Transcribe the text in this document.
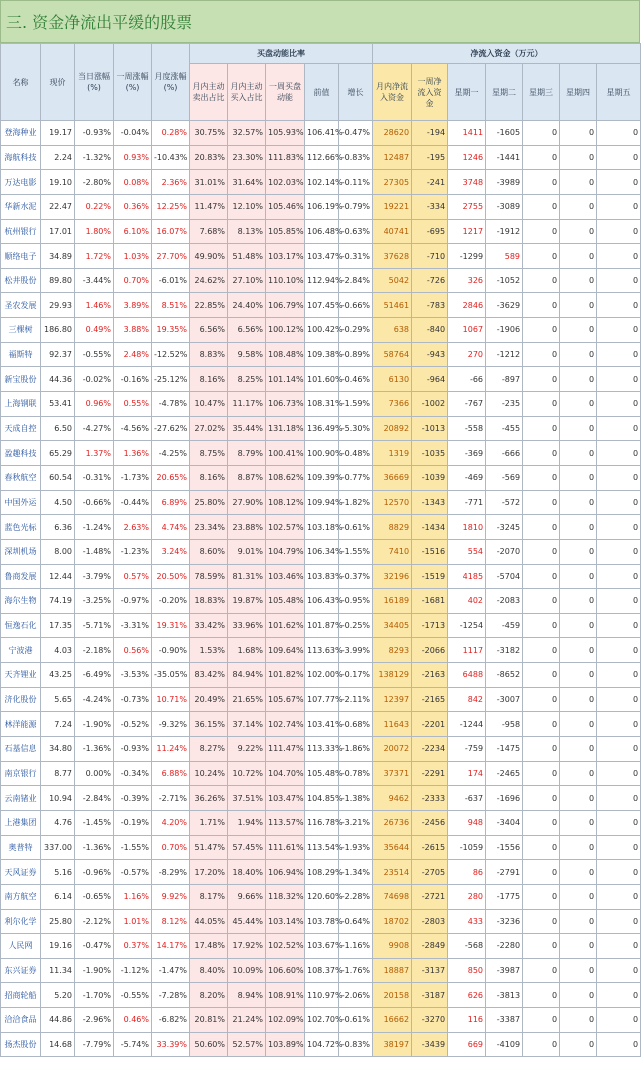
三. 资金净流出平缓的股票
名称	现价	当日涨幅(%)	一周涨幅(%)	月度涨幅(%)	买盘动能比率					净流入资金（万元）						
					月内主动卖出占比	月内主动买入占比	一周买盘动能	前值	增长	月内净流入资金	一周净流入资金	星期一	星期二	星期三	星期四	星期五
登海种业	19.17	-0.93%	-0.04%	0.28%	30.75%	32.57%	105.93%	106.41%	-0.47%	28620	-194	1411	-1605	0	0	0
海航科技	2.24	-1.32%	0.93%	-10.43%	20.83%	23.30%	111.83%	112.66%	-0.83%	12487	-195	1246	-1441	0	0	0
万达电影	19.10	-2.80%	0.08%	2.36%	31.01%	31.64%	102.03%	102.14%	-0.11%	27305	-241	3748	-3989	0	0	0
华新水泥	22.47	0.22%	0.36%	12.25%	11.47%	12.10%	105.46%	106.19%	-0.79%	19221	-334	2755	-3089	0	0	0
杭州银行	17.01	1.80%	6.10%	16.07%	7.68%	8.13%	105.85%	106.48%	-0.63%	40741	-695	1217	-1912	0	0	0
顺络电子	34.89	1.72%	1.03%	27.70%	49.90%	51.48%	103.17%	103.47%	-0.31%	37628	-710	-1299	589	0	0	0
松井股份	89.80	-3.44%	0.70%	-6.01%	24.62%	27.10%	110.10%	112.94%	-2.84%	5042	-726	326	-1052	0	0	0
圣农发展	29.93	1.46%	3.89%	8.51%	22.85%	24.40%	106.79%	107.45%	-0.66%	51461	-783	2846	-3629	0	0	0
三棵树	186.80	0.49%	3.88%	19.35%	6.56%	6.56%	100.12%	100.42%	-0.29%	638	-840	1067	-1906	0	0	0
福斯特	92.37	-0.55%	2.48%	-12.52%	8.83%	9.58%	108.48%	109.38%	-0.89%	58764	-943	270	-1212	0	0	0
新宝股份	44.36	-0.02%	-0.16%	-25.12%	8.16%	8.25%	101.14%	101.60%	-0.46%	6130	-964	-66	-897	0	0	0
上海钢联	53.41	0.96%	0.55%	-4.78%	10.47%	11.17%	106.73%	108.31%	-1.59%	7366	-1002	-767	-235	0	0	0
天成自控	6.50	-4.27%	-4.56%	-27.62%	27.02%	35.44%	131.18%	136.49%	-5.30%	20892	-1013	-558	-455	0	0	0
盈趣科技	65.29	1.37%	1.36%	-4.25%	8.75%	8.79%	100.41%	100.90%	-0.48%	1319	-1035	-369	-666	0	0	0
春秋航空	60.54	-0.31%	-1.73%	20.65%	8.16%	8.87%	108.62%	109.39%	-0.77%	36669	-1039	-469	-569	0	0	0
中国外运	4.50	-0.66%	-0.44%	6.89%	25.80%	27.90%	108.12%	109.94%	-1.82%	12570	-1343	-771	-572	0	0	0
蓝色光标	6.36	-1.24%	2.63%	4.74%	23.34%	23.88%	102.57%	103.18%	-0.61%	8829	-1434	1810	-3245	0	0	0
深圳机场	8.00	-1.48%	-1.23%	3.24%	8.60%	9.01%	104.79%	106.34%	-1.55%	7410	-1516	554	-2070	0	0	0
鲁商发展	12.44	-3.79%	0.57%	20.50%	78.59%	81.31%	103.46%	103.83%	-0.37%	32196	-1519	4185	-5704	0	0	0
海尔生物	74.19	-3.25%	-0.97%	-0.20%	18.83%	19.87%	105.48%	106.43%	-0.95%	16189	-1681	402	-2083	0	0	0
恒逸石化	17.35	-5.71%	-3.31%	19.31%	33.42%	33.96%	101.62%	101.87%	-0.25%	34405	-1713	-1254	-459	0	0	0
宁波港	4.03	-2.18%	0.56%	-0.90%	1.53%	1.68%	109.64%	113.63%	-3.99%	8293	-2066	1117	-3182	0	0	0
天齐锂业	43.25	-6.49%	-3.53%	-35.05%	83.42%	84.94%	101.82%	102.00%	-0.17%	138129	-2163	6488	-8652	0	0	0
济化股份	5.65	-4.24%	-0.73%	10.71%	20.49%	21.65%	105.67%	107.77%	-2.11%	12397	-2165	842	-3007	0	0	0
林洋能源	7.24	-1.90%	-0.52%	-9.32%	36.15%	37.14%	102.74%	103.41%	-0.68%	11643	-2201	-1244	-958	0	0	0
石基信息	34.80	-1.36%	-0.93%	11.24%	8.27%	9.22%	111.47%	113.33%	-1.86%	20072	-2234	-759	-1475	0	0	0
南京银行	8.77	0.00%	-0.34%	6.88%	10.24%	10.72%	104.70%	105.48%	-0.78%	37371	-2291	174	-2465	0	0	0
云南锗业	10.94	-2.84%	-0.39%	-2.71%	36.26%	37.51%	103.47%	104.85%	-1.38%	9462	-2333	-637	-1696	0	0	0
上港集团	4.76	-1.45%	-0.19%	4.20%	1.71%	1.94%	113.57%	116.78%	-3.21%	26736	-2456	948	-3404	0	0	0
奥普特	337.00	-1.36%	-1.55%	0.70%	51.47%	57.45%	111.61%	113.54%	-1.93%	35644	-2615	-1059	-1556	0	0	0
天风证券	5.16	-0.96%	-0.57%	-8.29%	17.20%	18.40%	106.94%	108.29%	-1.34%	23514	-2705	86	-2791	0	0	0
南方航空	6.14	-0.65%	1.16%	9.92%	8.17%	9.66%	118.32%	120.60%	-2.28%	74698	-2721	280	-1775	0	0	0
利尔化学	25.80	-2.12%	1.01%	8.12%	44.05%	45.44%	103.14%	103.78%	-0.64%	18702	-2803	433	-3236	0	0	0
人民网	19.16	-0.47%	0.37%	14.17%	17.48%	17.92%	102.52%	103.67%	-1.16%	9908	-2849	-568	-2280	0	0	0
东兴证券	11.34	-1.90%	-1.12%	-1.47%	8.40%	10.09%	106.60%	108.37%	-1.76%	18887	-3137	850	-3987	0	0	0
招商轮船	5.20	-1.70%	-0.55%	-7.28%	8.20%	8.94%	108.91%	110.97%	-2.06%	20158	-3187	626	-3813	0	0	0
洽洽食品	44.86	-2.96%	0.46%	-6.82%	20.81%	21.24%	102.09%	102.70%	-0.61%	16662	-3270	116	-3387	0	0	0
扬杰股份	14.68	-7.79%	-5.74%	33.39%	50.60%	52.57%	103.89%	104.72%	-0.83%	38197	-3439	669	-4109	0	0	0
